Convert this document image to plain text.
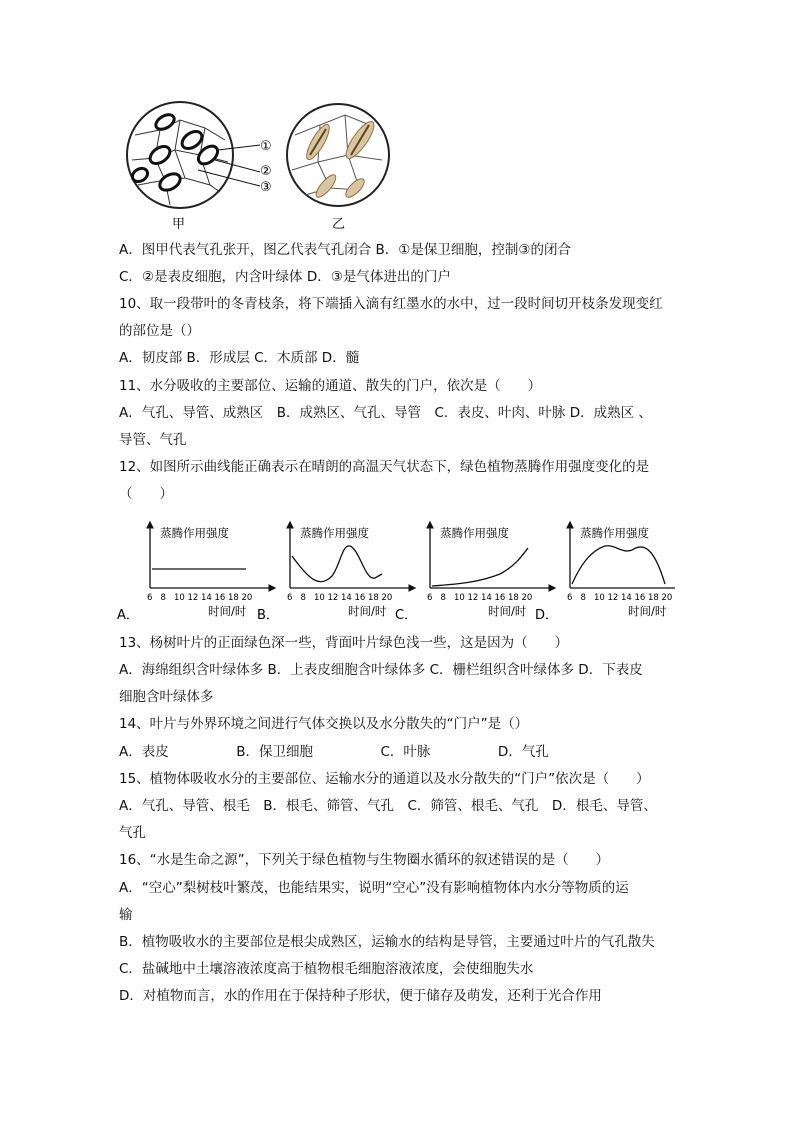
①
②
③
甲	乙
A．图甲代表气孔张开，图乙代表气孔闭合 B．①是保卫细胞，控制③的闭合
C．②是表皮细胞，内含叶绿体 D．③是气体进出的门户
10、取一段带叶的冬青枝条，将下端插入滴有红墨水的水中，过一段时间切开枝条发现变红
的部位是（）
A．韧皮部 B．形成层 C．木质部 D．髓
11、水分吸收的主要部位、运输的通道、散失的门户，依次是（　　）
A．气孔、导管、成熟区　B．成熟区、气孔、导管　C．表皮、叶肉、叶脉 D．成熟区 、
导管、气孔
12、如图所示曲线能正确表示在晴朗的高温天气状态下，绿色植物蒸腾作用强度变化的是
（　　）
蒸腾作用强度
6 8 10 12 14 16 18 20
时间/时
蒸腾作用强度
6 8 10 12 14 16 18 20
时间/时
蒸腾作用强度
6 8 10 12 14 16 18 20
时间/时
蒸腾作用强度
6 8 10 12 14 16 18 20
时间/时
A．	B．	C．	D．
13、杨树叶片的正面绿色深一些，背面叶片绿色浅一些，这是因为（　　）
A．海绵组织含叶绿体多 B．上表皮细胞含叶绿体多 C．栅栏组织含叶绿体多 D．下表皮
细胞含叶绿体多
14、叶片与外界环境之间进行气体交换以及水分散失的“门户”是（）
A．表皮　　　　　B．保卫细胞　　　　　C．叶脉　　　　　D．气孔
15、植物体吸收水分的主要部位、运输水分的通道以及水分散失的“门户”依次是（　　）
A．气孔、导管、根毛　B．根毛、筛管、气孔　C．筛管、根毛、气孔　D．根毛、导管、
气孔
16、“水是生命之源”，下列关于绿色植物与生物圈水循环的叙述错误的是（　　）
A．“空心”梨树枝叶繁茂，也能结果实，说明“空心”没有影响植物体内水分等物质的运
输
B．植物吸收水的主要部位是根尖成熟区，运输水的结构是导管，主要通过叶片的气孔散失
C．盐碱地中土壤溶液浓度高于植物根毛细胞溶液浓度，会使细胞失水
D．对植物而言，水的作用在于保持种子形状，便于储存及萌发，还利于光合作用
